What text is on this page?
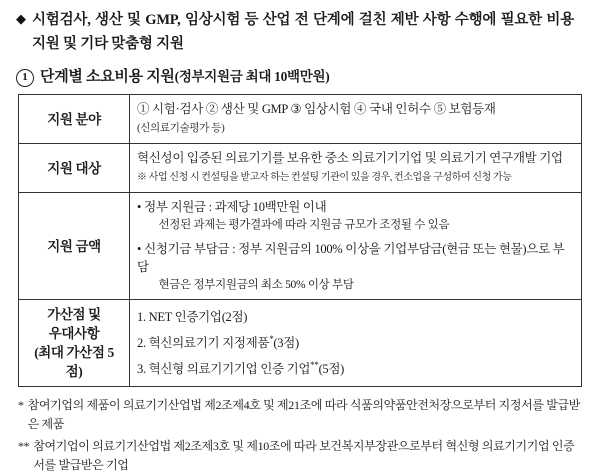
◆ 시험검사, 생산 및 GMP, 임상시험 등 산업 전 단계에 걸친 제반 사항 수행에 필요한 비용 지원 및 기타 맞춤형 지원
1 단계별 소요비용 지원(정부지원금 최대 10백만원)
지원 분야	① 시험·검사 ② 생산 및 GMP ③ 임상시험 ④ 국내 인허수 ⑤ 보험등재
(신의료기술평가 등)
지원 대상	혁신성이 입증된 의료기기를 보유한 중소 의료기기기업 및 의료기기 연구개발 기업
※ 사업 신청 시 컨설팅을 받고자 하는 컨설팅 기관이 있을 경우, 컨소업을 구성하여 신청 가능
지원 금액	• 정부 지원금 : 과제당 10백만원 이내
선정된 과제는 평가결과에 따라 지원금 규모가 조정될 수 있음
• 신청기금 부담금 : 정부 지원금의 100% 이상을 기업부담금(현금 또는 현물)으로 부담
현금은 정부지원금의 최소 50% 이상 부담

가산점 및
우대사항
(최대 가산점 5점)	1. NET 인증기업(2점)
2. 혁신의료기기 지정제품*(3점)
3. 혁신형 의료기기기업 인증 기업**(5점)
* 참여기업의 제품이 의료기기산업법 제2조제4호 및 제21조에 따라 식품의약품안전처장으로부터 지정서를 발급받은 제품
** 참여기업이 의료기기산업법 제2조제3호 및 제10조에 따라 보건복지부장관으로부터 혁신형 의료기기기업 인증서를 발급받은 기업
